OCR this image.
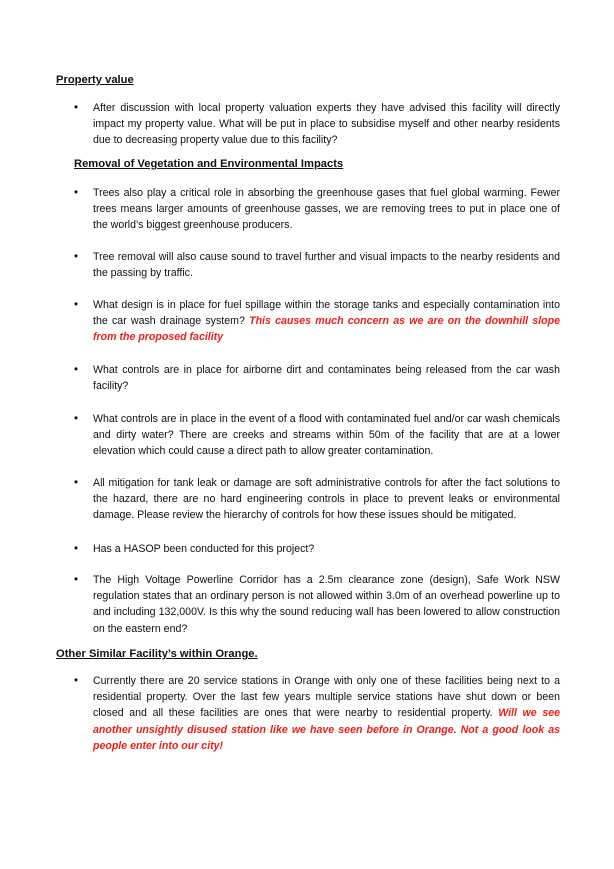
Property value
• After discussion with local property valuation experts they have advised this facility will directly impact my property value. What will be put in place to subsidise myself and other nearby residents due to decreasing property value due to this facility?
Removal of Vegetation and Environmental Impacts
• Trees also play a critical role in absorbing the greenhouse gases that fuel global warming. Fewer trees means larger amounts of greenhouse gasses, we are removing trees to put in place one of the world’s biggest greenhouse producers.
• Tree removal will also cause sound to travel further and visual impacts to the nearby residents and the passing by traffic.
• What design is in place for fuel spillage within the storage tanks and especially contamination into the car wash drainage system? This causes much concern as we are on the downhill slope from the proposed facility
• What controls are in place for airborne dirt and contaminates being released from the car wash facility?
• What controls are in place in the event of a flood with contaminated fuel and/or car wash chemicals and dirty water? There are creeks and streams within 50m of the facility that are at a lower elevation which could cause a direct path to allow greater contamination.
• All mitigation for tank leak or damage are soft administrative controls for after the fact solutions to the hazard, there are no hard engineering controls in place to prevent leaks or environmental damage. Please review the hierarchy of controls for how these issues should be mitigated.
• Has a HASOP been conducted for this project?
• The High Voltage Powerline Corridor has a 2.5m clearance zone (design), Safe Work NSW regulation states that an ordinary person is not allowed within 3.0m of an overhead powerline up to and including 132,000V. Is this why the sound reducing wall has been lowered to allow construction on the eastern end?
Other Similar Facility’s within Orange.
• Currently there are 20 service stations in Orange with only one of these facilities being next to a residential property. Over the last few years multiple service stations have shut down or been closed and all these facilities are ones that were nearby to residential property. Will we see another unsightly disused station like we have seen before in Orange. Not a good look as people enter into our city!
